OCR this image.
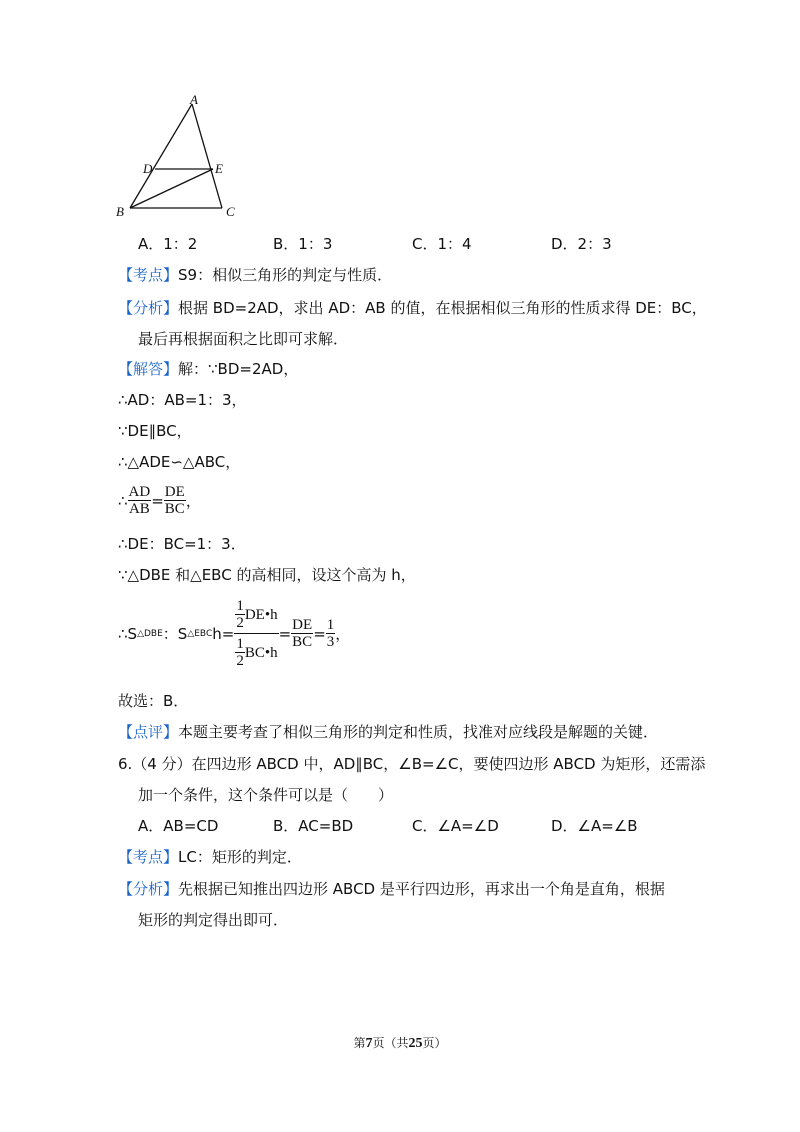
A
D	E
B	C
A．1：2	B．1：3	C．1：4	D．2：3
【考点】S9：相似三角形的判定与性质．
【分析】根据 BD=2AD，求出 AD：AB 的值，在根据相似三角形的性质求得 DE：BC，
最后再根据面积之比即可求解．
【解答】解：∵BD=2AD，
∴AD：AB=1：3，
∵DE∥BC，
∴△ADE∽△ABC，
∴ $\frac{AD}{AB} = \frac{DE}{BC}$ ，
∴DE：BC=1：3．
∵△DBE 和△EBC 的高相同，设这个高为 h，
∴S △DBE ：S △EBC $h= \frac{\frac{1}{2} DE•h}{\frac{1}{2} BC•h} = \frac{DE}{BC} = \frac{1}{3}$ ，
故选：B．
【点评】本题主要考查了相似三角形的判定和性质，找准对应线段是解题的关键．
6.（4 分）在四边形 ABCD 中，AD∥BC，∠B=∠C，要使四边形 ABCD 为矩形，还需添
加一个条件，这个条件可以是（　　）
A．AB=CD	B．AC=BD	C．∠A=∠D	D．∠A=∠B
【考点】LC：矩形的判定．
【分析】先根据已知推出四边形 ABCD 是平行四边形，再求出一个角是直角，根据
矩形的判定得出即可．
第7页（共25页）
